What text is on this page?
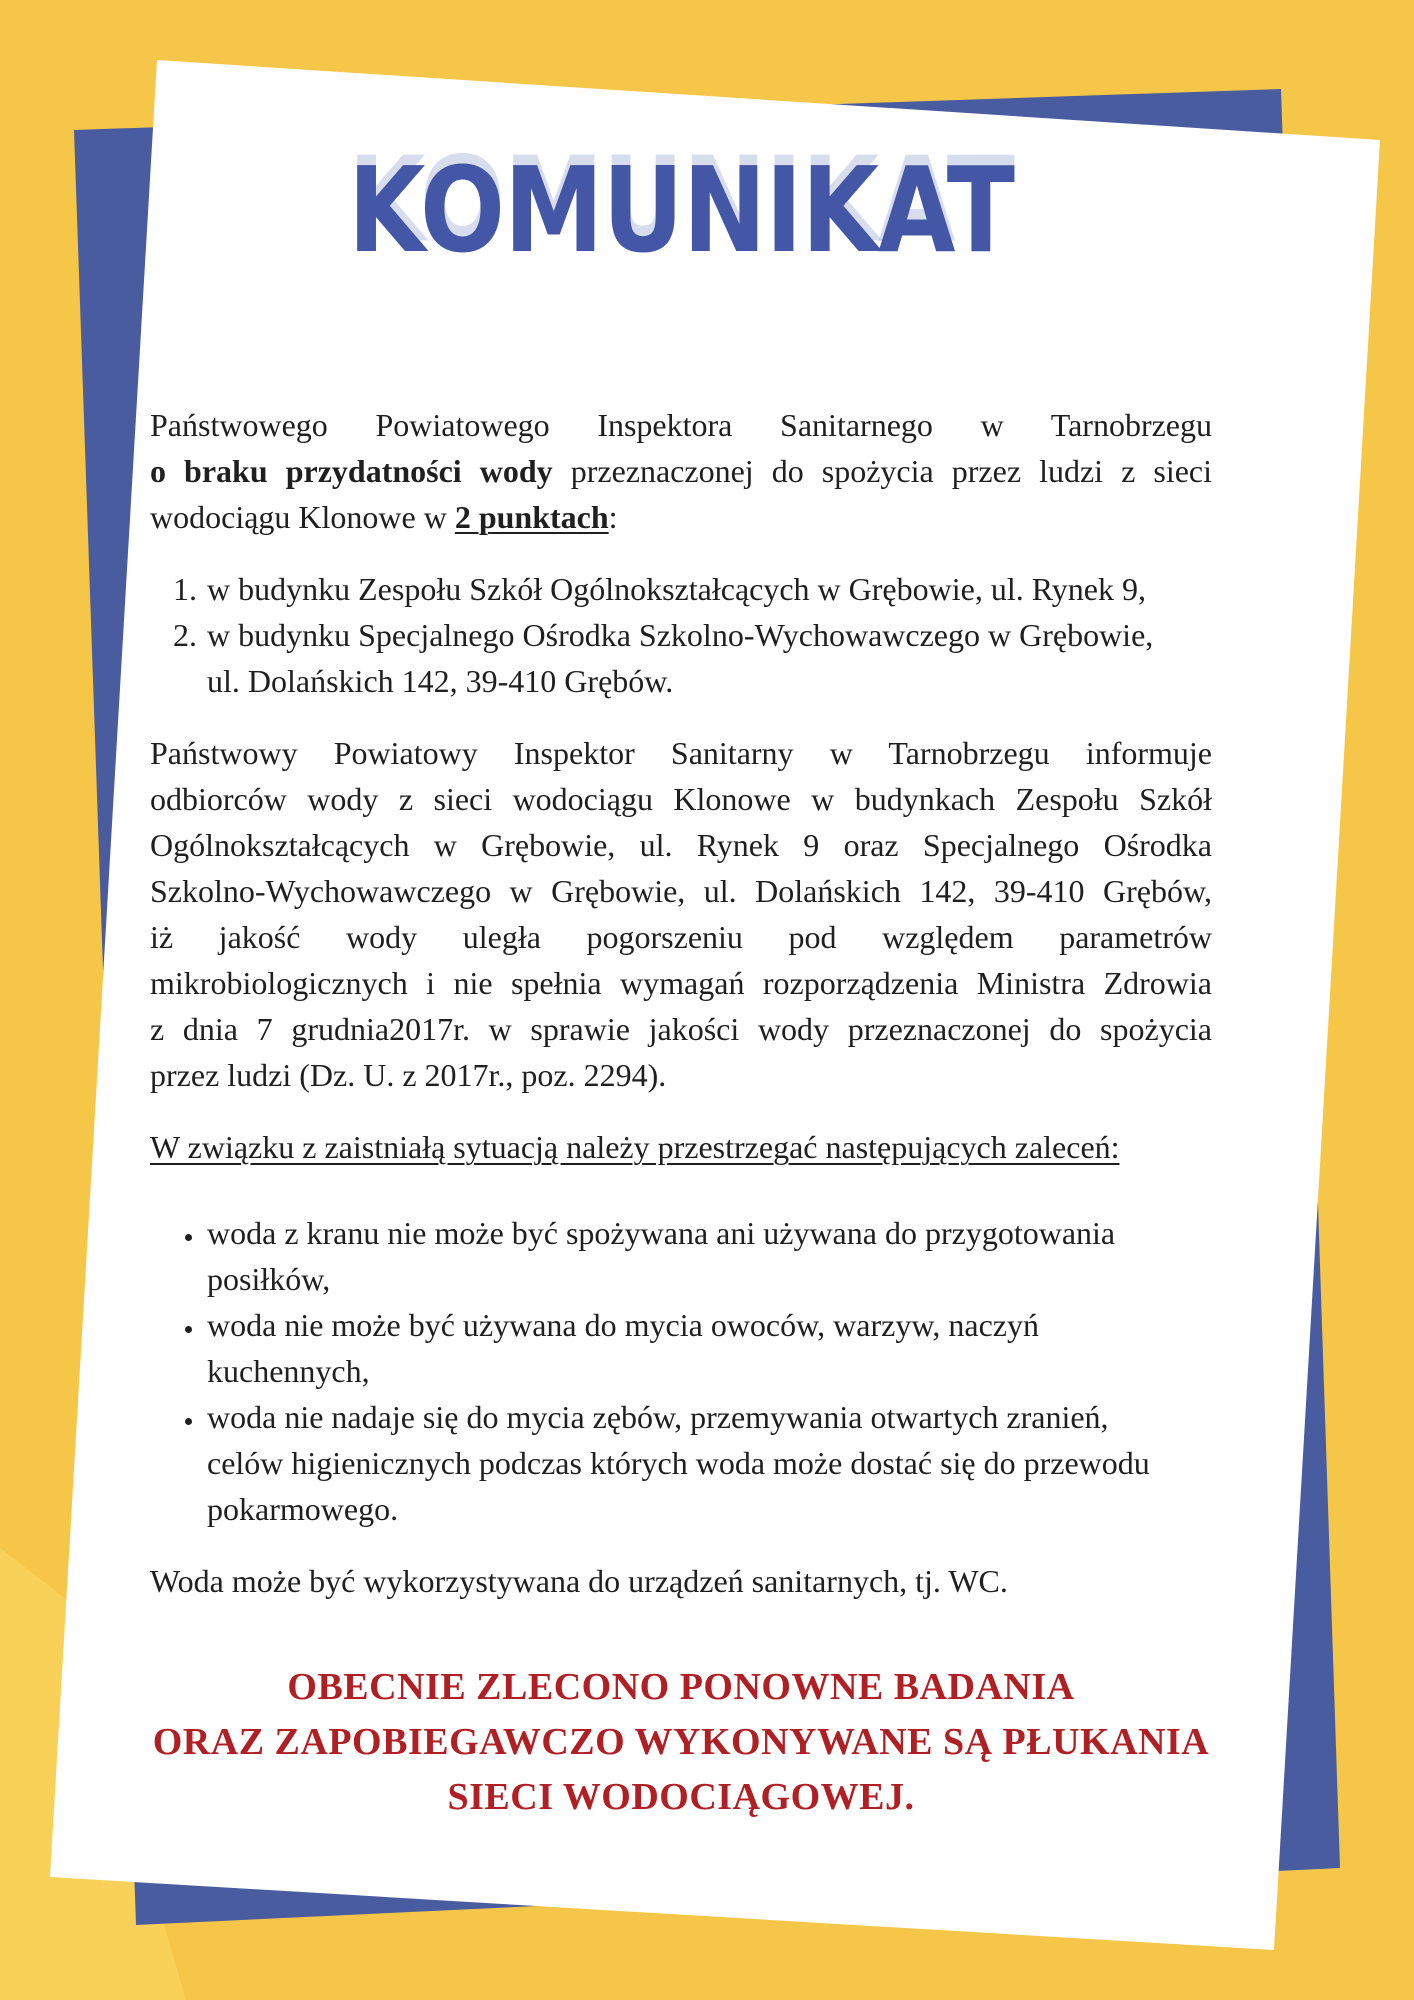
KOMUNIKAT

Państwowego Powiatowego Inspektora Sanitarnego w Tarnobrzegu
o braku przydatności wody przeznaczonej do spożycia przez ludzi z sieci
wodociągu Klonowe w 2 punktach:

1. w budynku Zespołu Szkół Ogólnokształcących w Grębowie, ul. Rynek 9,
2. w budynku Specjalnego Ośrodka Szkolno-Wychowawczego w Grębowie,
ul. Dolańskich 142, 39-410 Grębów.

Państwowy Powiatowy Inspektor Sanitarny w Tarnobrzegu informuje
odbiorców wody z sieci wodociągu Klonowe w budynkach Zespołu Szkół
Ogólnokształcących w Grębowie, ul. Rynek 9 oraz Specjalnego Ośrodka
Szkolno-Wychowawczego w Grębowie, ul. Dolańskich 142, 39-410 Grębów,
iż jakość wody uległa pogorszeniu pod względem parametrów
mikrobiologicznych i nie spełnia wymagań rozporządzenia Ministra Zdrowia
z dnia 7 grudnia2017r. w sprawie jakości wody przeznaczonej do spożycia
przez ludzi (Dz. U. z 2017r., poz. 2294).

W związku z zaistniałą sytuacją należy przestrzegać następujących zaleceń:

• woda z kranu nie może być spożywana ani używana do przygotowania
posiłków,
• woda nie może być używana do mycia owoców, warzyw, naczyń
kuchennych,
• woda nie nadaje się do mycia zębów, przemywania otwartych zranień,
celów higienicznych podczas których woda może dostać się do przewodu
pokarmowego.

Woda może być wykorzystywana do urządzeń sanitarnych, tj. WC.

OBECNIE ZLECONO PONOWNE BADANIA
ORAZ ZAPOBIEGAWCZO WYKONYWANE SĄ PŁUKANIA
SIECI WODOCIĄGOWEJ.
